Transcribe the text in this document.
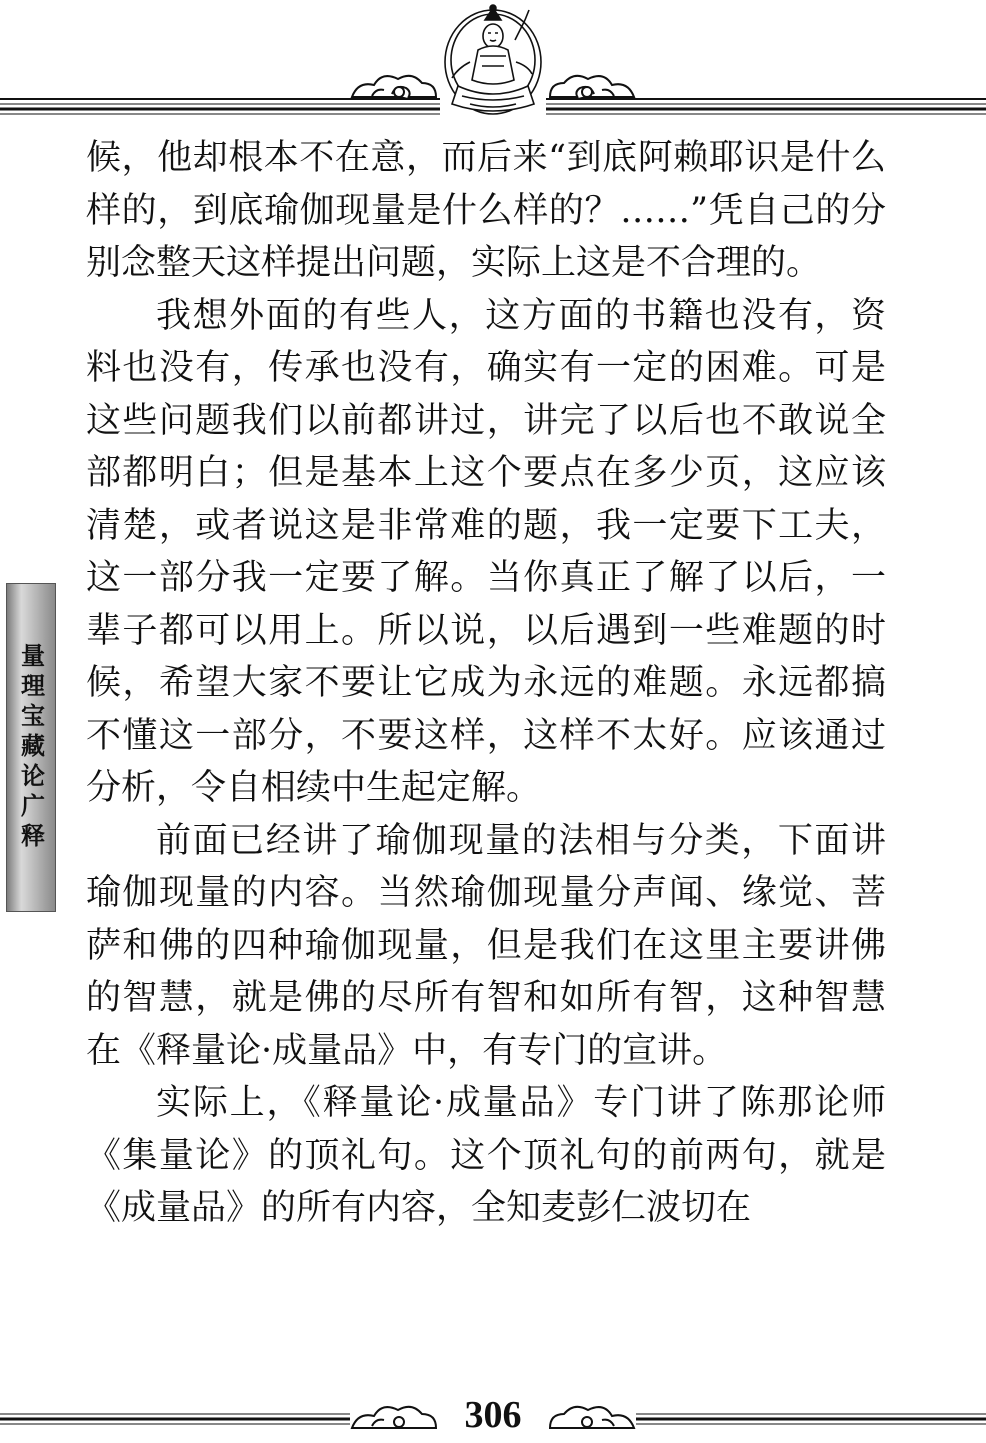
量理宝藏论广释

候，他却根本不在意，而后来“到底阿赖耶识是什么样的，到底瑜伽现量是什么样的？……”凭自己的分别念整天这样提出问题，实际上这是不合理的。

我想外面的有些人，这方面的书籍也没有，资料也没有，传承也没有，确实有一定的困难。可是这些问题我们以前都讲过，讲完了以后也不敢说全部都明白；但是基本上这个要点在多少页，这应该清楚，或者说这是非常难的题，我一定要下工夫，这一部分我一定要了解。当你真正了解了以后，一辈子都可以用上。所以说，以后遇到一些难题的时候，希望大家不要让它成为永远的难题。永远都搞不懂这一部分，不要这样，这样不太好。应该通过分析，令自相续中生起定解。

前面已经讲了瑜伽现量的法相与分类，下面讲瑜伽现量的内容。当然瑜伽现量分声闻、缘觉、菩萨和佛的四种瑜伽现量，但是我们在这里主要讲佛的智慧，就是佛的尽所有智和如所有智，这种智慧在《释量论·成量品》中，有专门的宣讲。

实际上，《释量论·成量品》专门讲了陈那论师《集量论》的顶礼句。这个顶礼句的前两句，就是《成量品》的所有内容，全知麦彭仁波切在

306
